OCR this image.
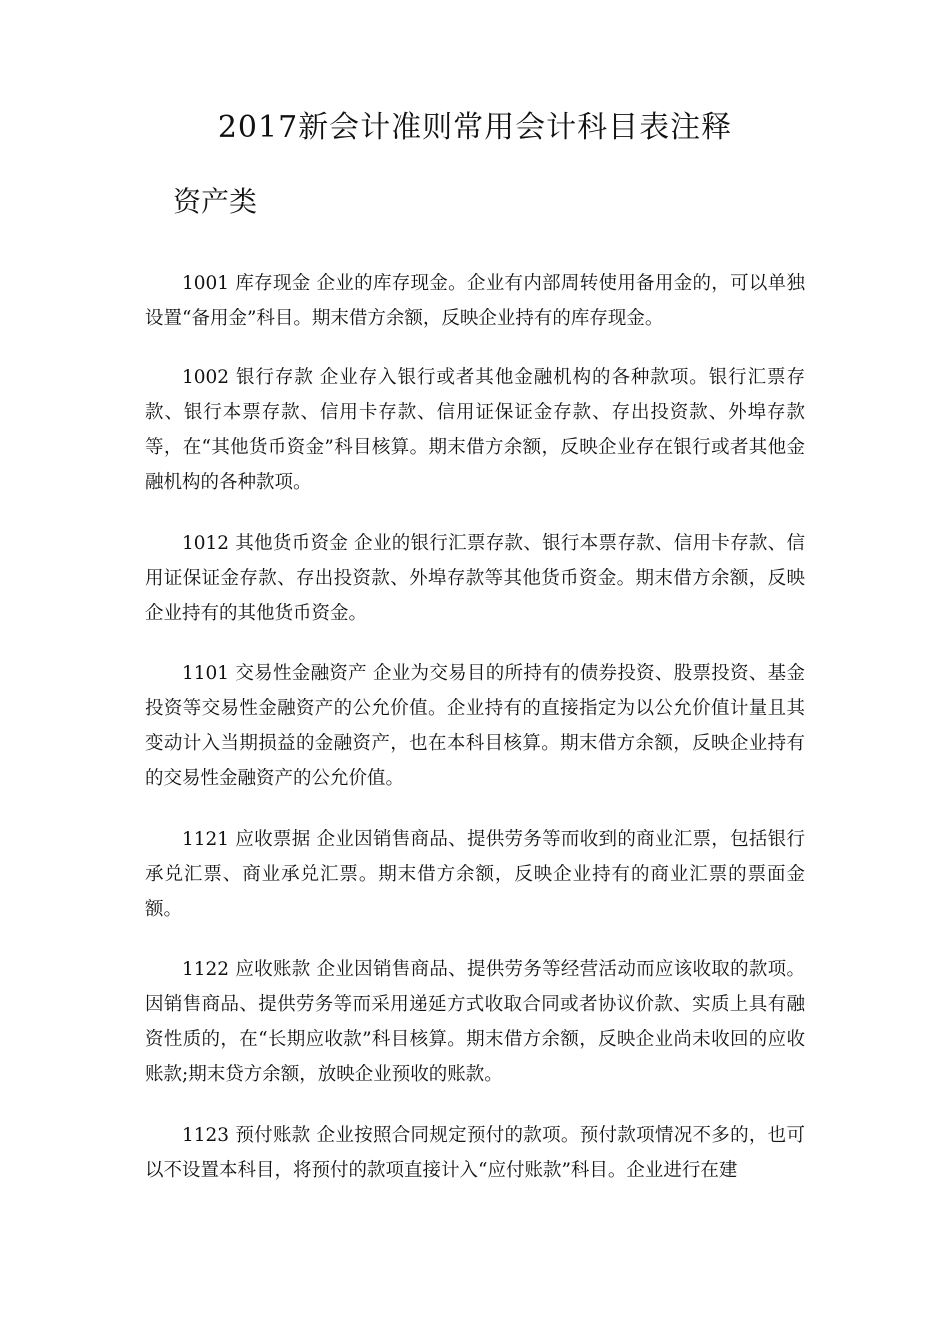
2017新会计准则常用会计科目表注释
资产类

1001 库存现金 企业的库存现金。企业有内部周转使用备用金的，可以单独设置“备用金”科目。期末借方余额，反映企业持有的库存现金。

1002 银行存款 企业存入银行或者其他金融机构的各种款项。银行汇票存款、银行本票存款、信用卡存款、信用证保证金存款、存出投资款、外埠存款等，在“其他货币资金”科目核算。期末借方余额，反映企业存在银行或者其他金融机构的各种款项。

1012 其他货币资金 企业的银行汇票存款、银行本票存款、信用卡存款、信用证保证金存款、存出投资款、外埠存款等其他货币资金。期末借方余额，反映企业持有的其他货币资金。

1101 交易性金融资产 企业为交易目的所持有的债券投资、股票投资、基金投资等交易性金融资产的公允价值。企业持有的直接指定为以公允价值计量且其变动计入当期损益的金融资产，也在本科目核算。期末借方余额，反映企业持有的交易性金融资产的公允价值。

1121 应收票据 企业因销售商品、提供劳务等而收到的商业汇票，包括银行承兑汇票、商业承兑汇票。期末借方余额，反映企业持有的商业汇票的票面金额。

1122 应收账款 企业因销售商品、提供劳务等经营活动而应该收取的款项。因销售商品、提供劳务等而采用递延方式收取合同或者协议价款、实质上具有融资性质的，在“长期应收款”科目核算。期末借方余额，反映企业尚未收回的应收账款;期末贷方余额，放映企业预收的账款。

1123 预付账款 企业按照合同规定预付的款项。预付款项情况不多的，也可以不设置本科目，将预付的款项直接计入“应付账款”科目。企业进行在建
